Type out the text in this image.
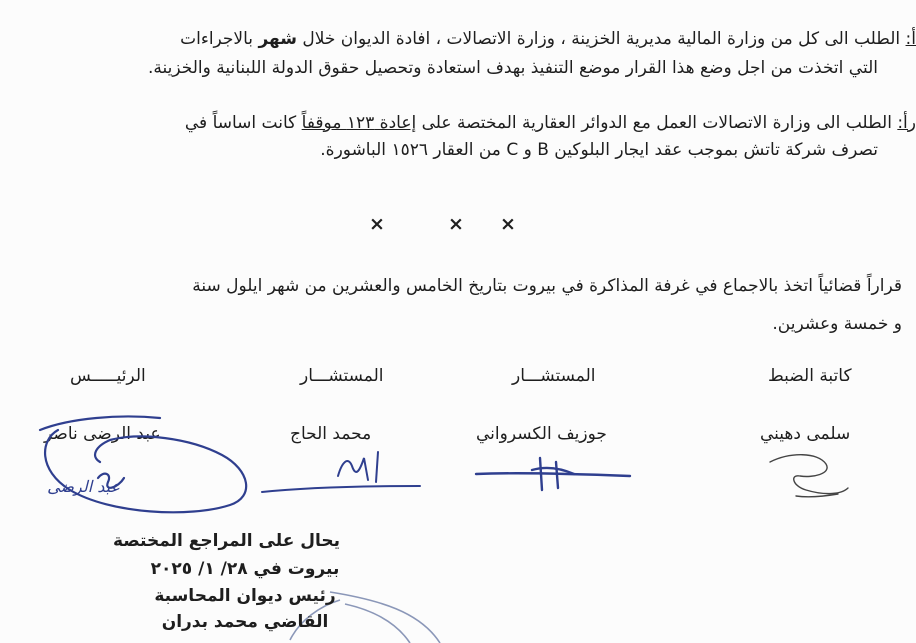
أ: الطلب الى كل من وزارة المالية مديرية الخزينة ، وزارة الاتصالات ، افادة الديوان خلال شهر بالاجراءات
التي اتخذت من اجل وضع هذا القرار موضع التنفيذ بهدف استعادة وتحصيل حقوق الدولة اللبنانية والخزينة.
رأ: الطلب الى وزارة الاتصالات العمل مع الدوائر العقارية المختصة على إعادة ١٢٣ موقفاً كانت اساساً في
تصرف شركة تاتش بموجب عقد ايجار البلوكين B و C من العقار ١٥٢٦ الباشورة.
×	× ×
قراراً قضائياً اتخذ بالاجماع في غرفة المذاكرة في بيروت بتاريخ الخامس والعشرين من شهر ايلول سنة
و خمسة وعشرين.
الرئيـــــس	المستشـــار	المستشـــار	كاتبة الضبط
عبد الرضى ناصر	محمد الحاج	جوزيف الكسرواني	سلمى دهيني
عبد الرضى
يحال على المراجع المختصة
بيروت في ٢٨/ ١/ ٢٠٢٥
رئيس ديوان المحاسبة
القاضي محمد بدران
